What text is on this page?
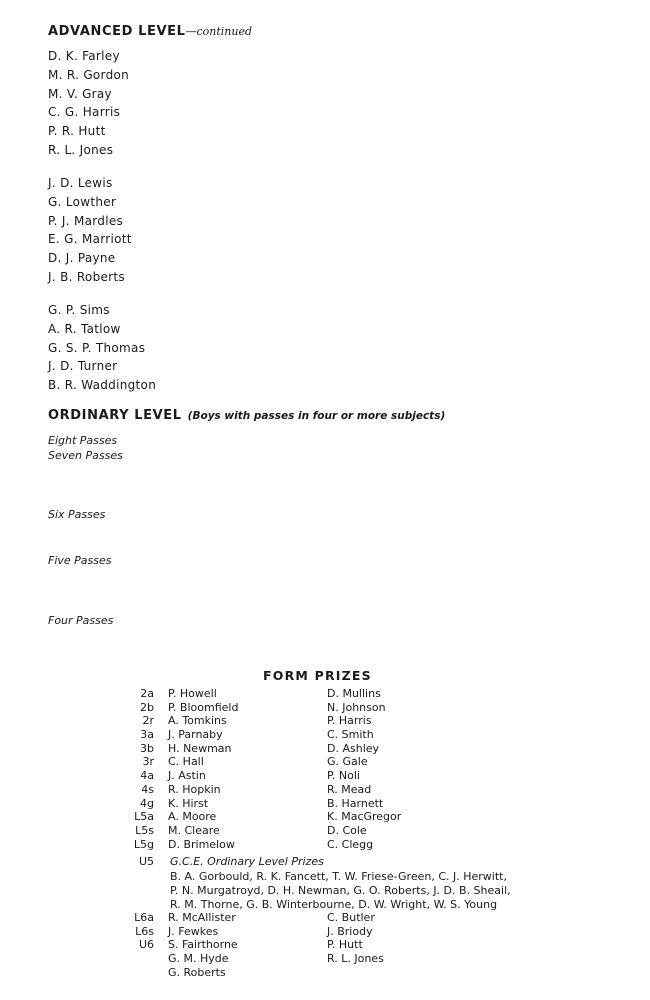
ADVANCED LEVEL—continued
D. K. Farley
M. R. Gordon
M. V. Gray
C. G. Harris
P. R. Hutt
R. L. Jones
J. D. Lewis
G. Lowther
P. J. Mardles
E. G. Marriott
D. J. Payne
J. B. Roberts
G. P. Sims
A. R. Tatlow
G. S. P. Thomas
J. D. Turner
B. R. Waddington
ORDINARY LEVEL (Boys with passes in four or more subjects)
Eight Passes
Seven Passes
Six Passes
Five Passes
Four Passes
FORM PRIZES
2a P. Howell	D. Mullins
2b P. Bloomfield	N. Johnson
2r A. Tomkins	P. Harris
3a J. Parnaby	C. Smith
3b H. Newman	D. Ashley
3r C. Hall	G. Gale
4a J. Astin	P. Noli
4s R. Hopkin	R. Mead
4g K. Hirst	B. Harnett
L5a A. Moore	K. MacGregor
L5s M. Cleare	D. Cole
L5g D. Brimelow	C. Clegg
U5 G.C.E. Ordinary Level Prizes
B. A. Gorbould, R. K. Fancett, T. W. Friese-Green, C. J. Herwitt,
P. N. Murgatroyd, D. H. Newman, G. O. Roberts, J. D. B. Sheail,
R. M. Thorne, G. B. Winterbourne, D. W. Wright, W. S. Young
L6a R. McAllister	C. Butler
L6s J. Fewkes	J. Briody
U6 S. Fairthorne	P. Hutt
G. M. Hyde	R. L. Jones
G. Roberts
